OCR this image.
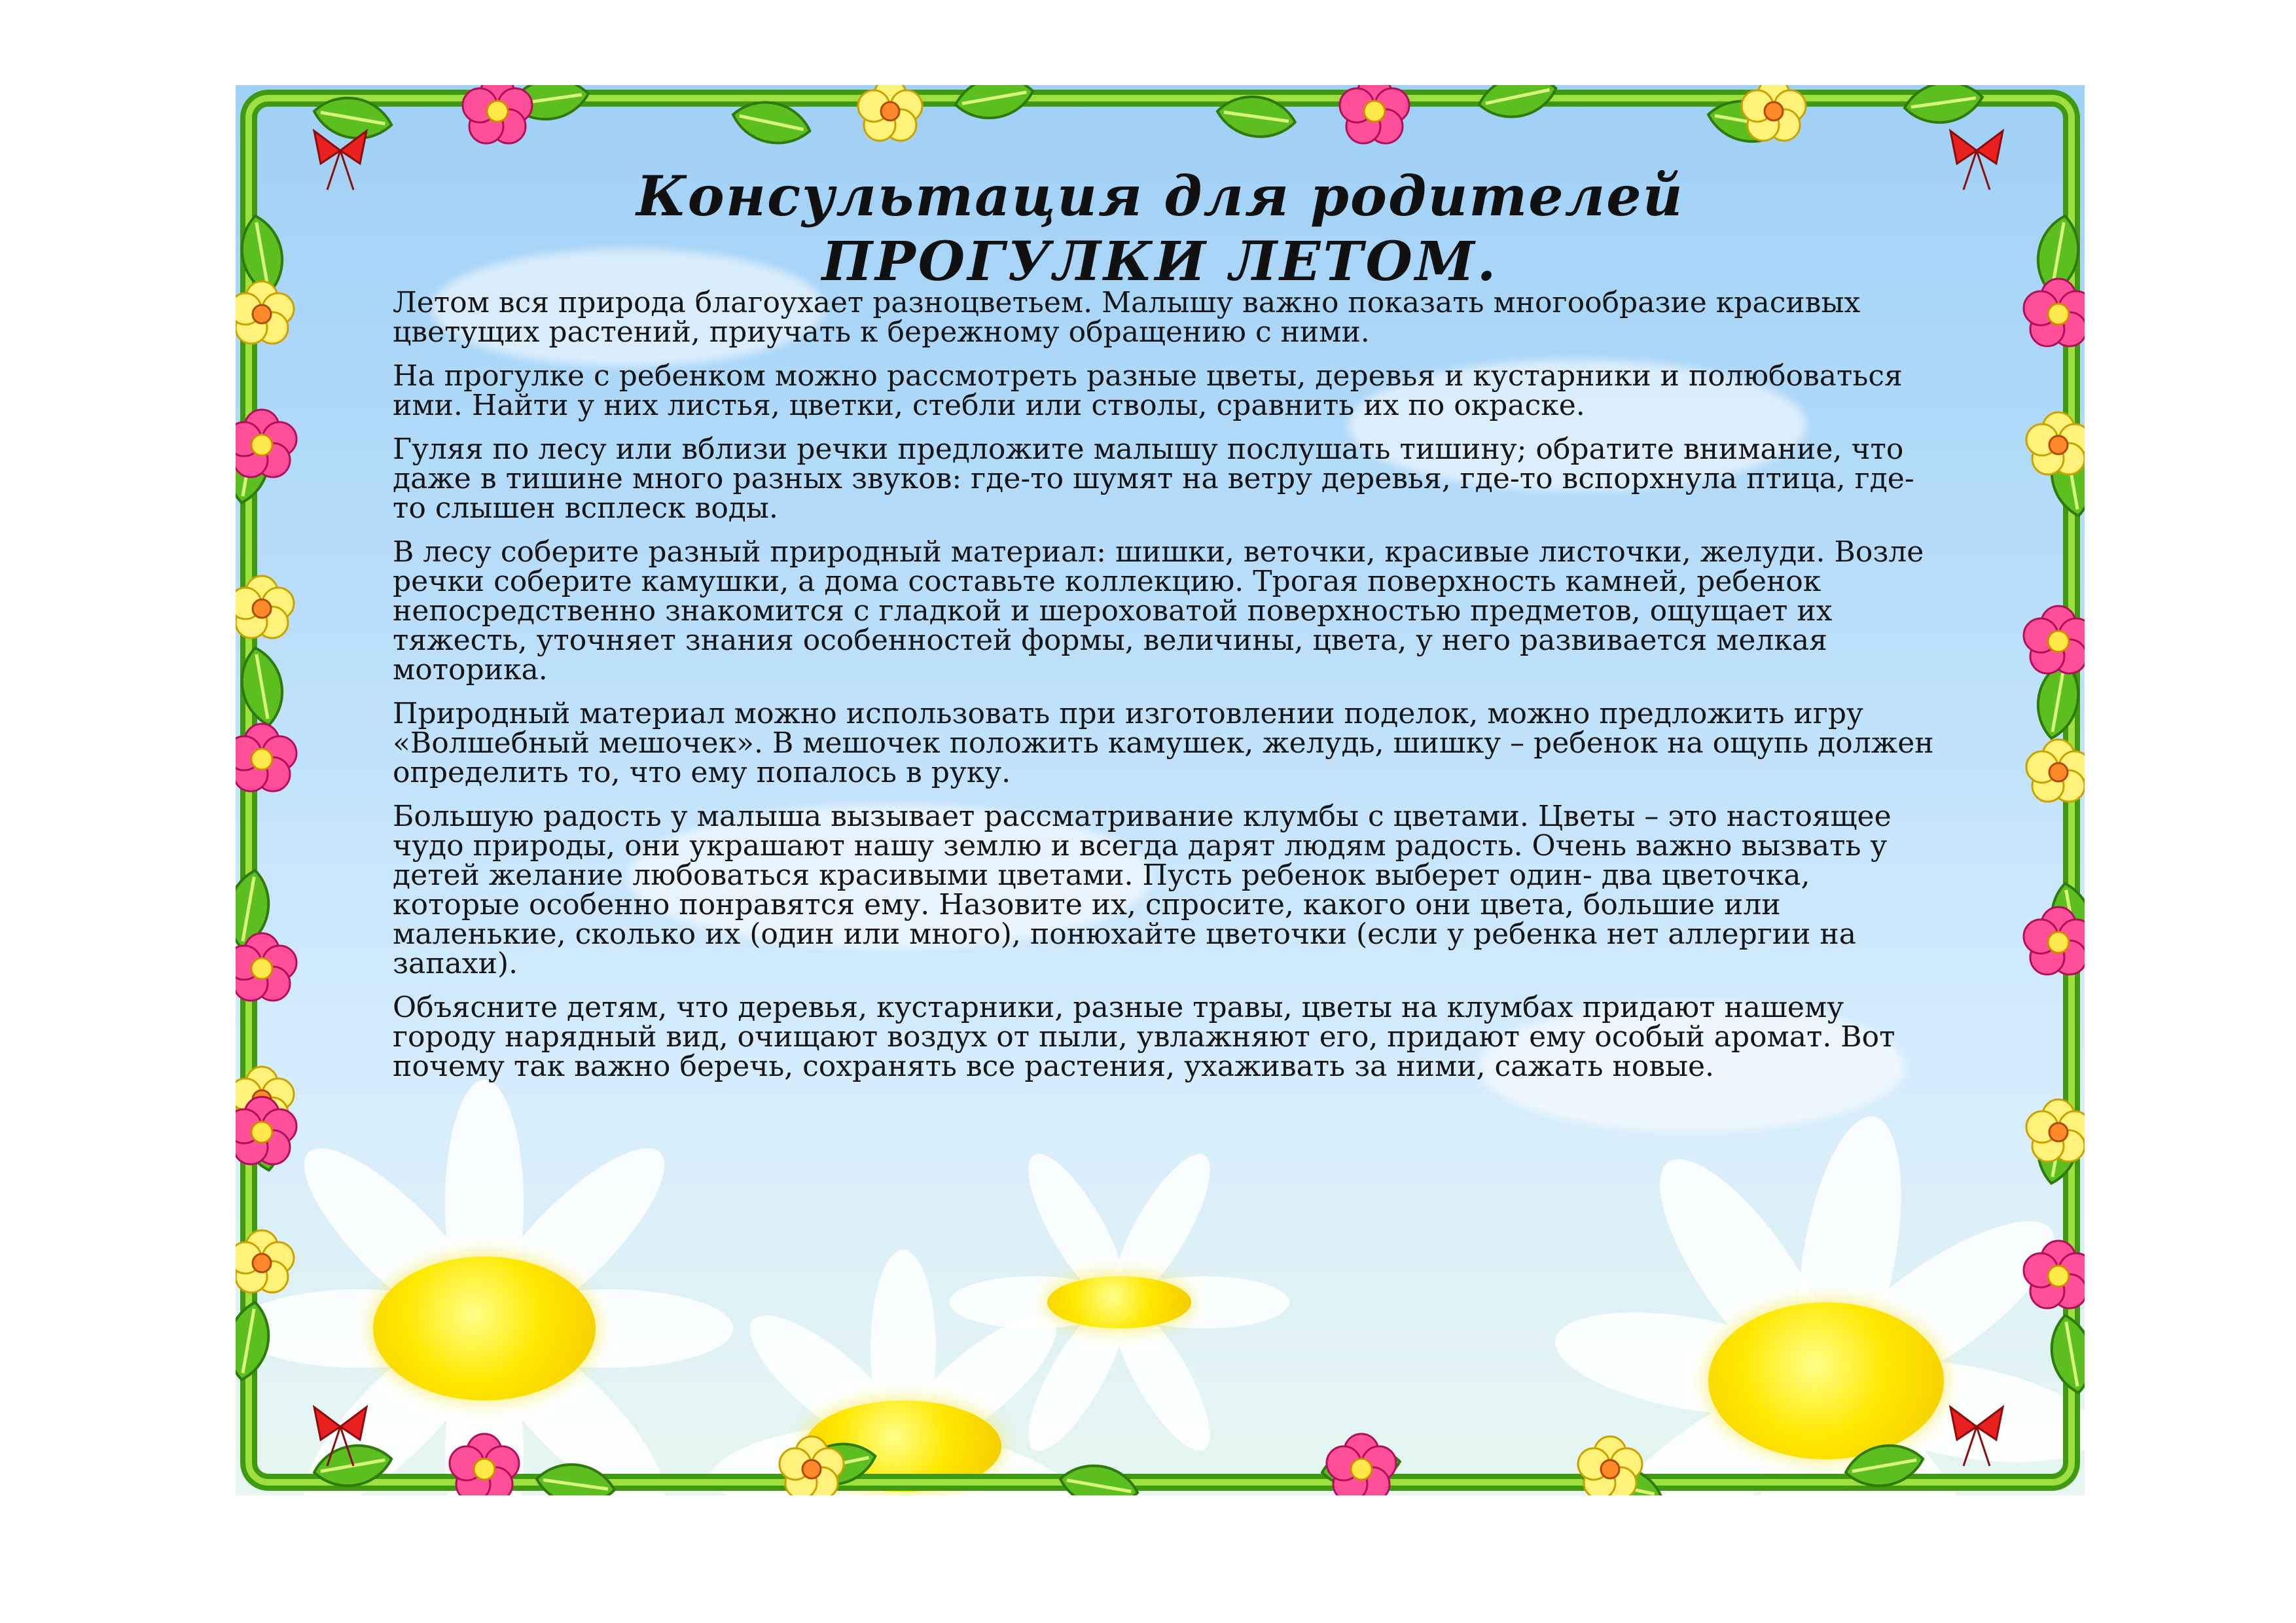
Консультация для родителей
ПРОГУЛКИ ЛЕТОМ.

Летом вся природа благоухает разноцветьем. Малышу важно показать многообразие красивых цветущих растений, приучать к бережному обращению с ними.

На прогулке с ребенком можно рассмотреть разные цветы, деревья и кустарники и полюбоваться ими. Найти у них листья, цветки, стебли или стволы, сравнить их по окраске.

Гуляя по лесу или вблизи речки предложите малышу послушать тишину; обратите внимание, что даже в тишине много разных звуков: где-то шумят на ветру деревья, где-то вспорхнула птица, где-то слышен всплеск воды.

В лесу соберите разный природный материал: шишки, веточки, красивые листочки, желуди. Возле речки соберите камушки, а дома составьте коллекцию. Трогая поверхность камней, ребенок непосредственно знакомится с гладкой и шероховатой поверхностью предметов, ощущает их тяжесть, уточняет знания особенностей формы, величины, цвета, у него развивается мелкая моторика.

Природный материал можно использовать при изготовлении поделок, можно предложить игру «Волшебный мешочек». В мешочек положить камушек, желудь, шишку – ребенок на ощупь должен определить то, что ему попалось в руку.

Большую радость у малыша вызывает рассматривание клумбы с цветами. Цветы – это настоящее чудо природы, они украшают нашу землю и всегда дарят людям радость. Очень важно вызвать у детей желание любоваться красивыми цветами. Пусть ребенок выберет один- два цветочка, которые особенно понравятся ему. Назовите их, спросите, какого они цвета, большие или маленькие, сколько их (один или много), понюхайте цветочки (если у ребенка нет аллергии на запахи).

Объясните детям, что деревья, кустарники, разные травы, цветы на клумбах придают нашему городу нарядный вид, очищают воздух от пыли, увлажняют его, придают ему особый аромат. Вот почему так важно беречь, сохранять все растения, ухаживать за ними, сажать новые.
